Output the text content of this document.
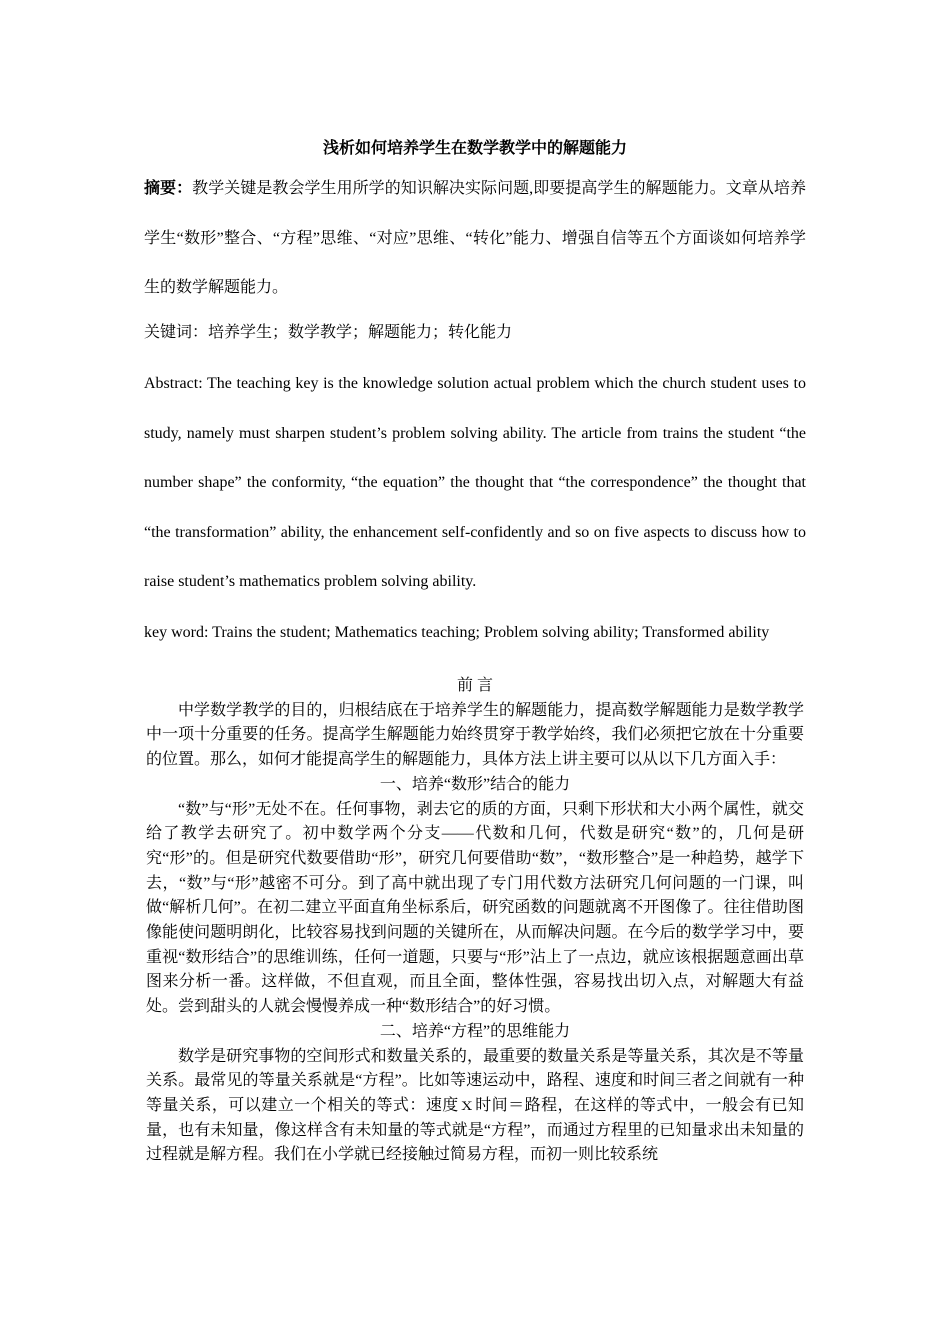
浅析如何培养学生在数学教学中的解题能力

摘要：教学关键是教会学生用所学的知识解决实际问题,即要提高学生的解题能力。文章从培养学生“数形”整合、“方程”思维、“对应”思维、“转化”能力、增强自信等五个方面谈如何培养学生的数学解题能力。

关键词：培养学生；数学教学；解题能力；转化能力

Abstract: The teaching key is the knowledge solution actual problem which the church student uses to study, namely must sharpen student’s problem solving ability. The article from trains the student “the number shape” the conformity, “the equation” the thought that “the correspondence” the thought that “the transformation” ability, the enhancement self-confidently and so on five aspects to discuss how to raise student’s mathematics problem solving ability.

key word: Trains the student; Mathematics teaching; Problem solving ability; Transformed ability

前 言

中学数学教学的目的，归根结底在于培养学生的解题能力，提高数学解题能力是数学教学中一项十分重要的任务。提高学生解题能力始终贯穿于教学始终，我们必须把它放在十分重要的位置。那么，如何才能提高学生的解题能力，具体方法上讲主要可以从以下几方面入手：

一、培养“数形”结合的能力

“数”与“形”无处不在。任何事物，剥去它的质的方面，只剩下形状和大小两个属性，就交给了教学去研究了。初中数学两个分支——代数和几何，代数是研究“数”的，几何是研究“形”的。但是研究代数要借助“形”，研究几何要借助“数”，“数形整合”是一种趋势，越学下去，“数”与“形”越密不可分。到了高中就出现了专门用代数方法研究几何问题的一门课，叫做“解析几何”。在初二建立平面直角坐标系后，研究函数的问题就离不开图像了。往往借助图像能使问题明朗化，比较容易找到问题的关键所在，从而解决问题。在今后的数学学习中，要重视“数形结合”的思维训练，任何一道题，只要与“形”沾上了一点边，就应该根据题意画出草图来分析一番。这样做，不但直观，而且全面，整体性强，容易找出切入点，对解题大有益处。尝到甜头的人就会慢慢养成一种“数形结合”的好习惯。

二、培养“方程”的思维能力

数学是研究事物的空间形式和数量关系的，最重要的数量关系是等量关系，其次是不等量关系。最常见的等量关系就是“方程”。比如等速运动中，路程、速度和时间三者之间就有一种等量关系，可以建立一个相关的等式：速度ｘ时间＝路程，在这样的等式中，一般会有已知量，也有未知量，像这样含有未知量的等式就是“方程”，而通过方程里的已知量求出未知量的过程就是解方程。我们在小学就已经接触过简易方程，而初一则比较系统
